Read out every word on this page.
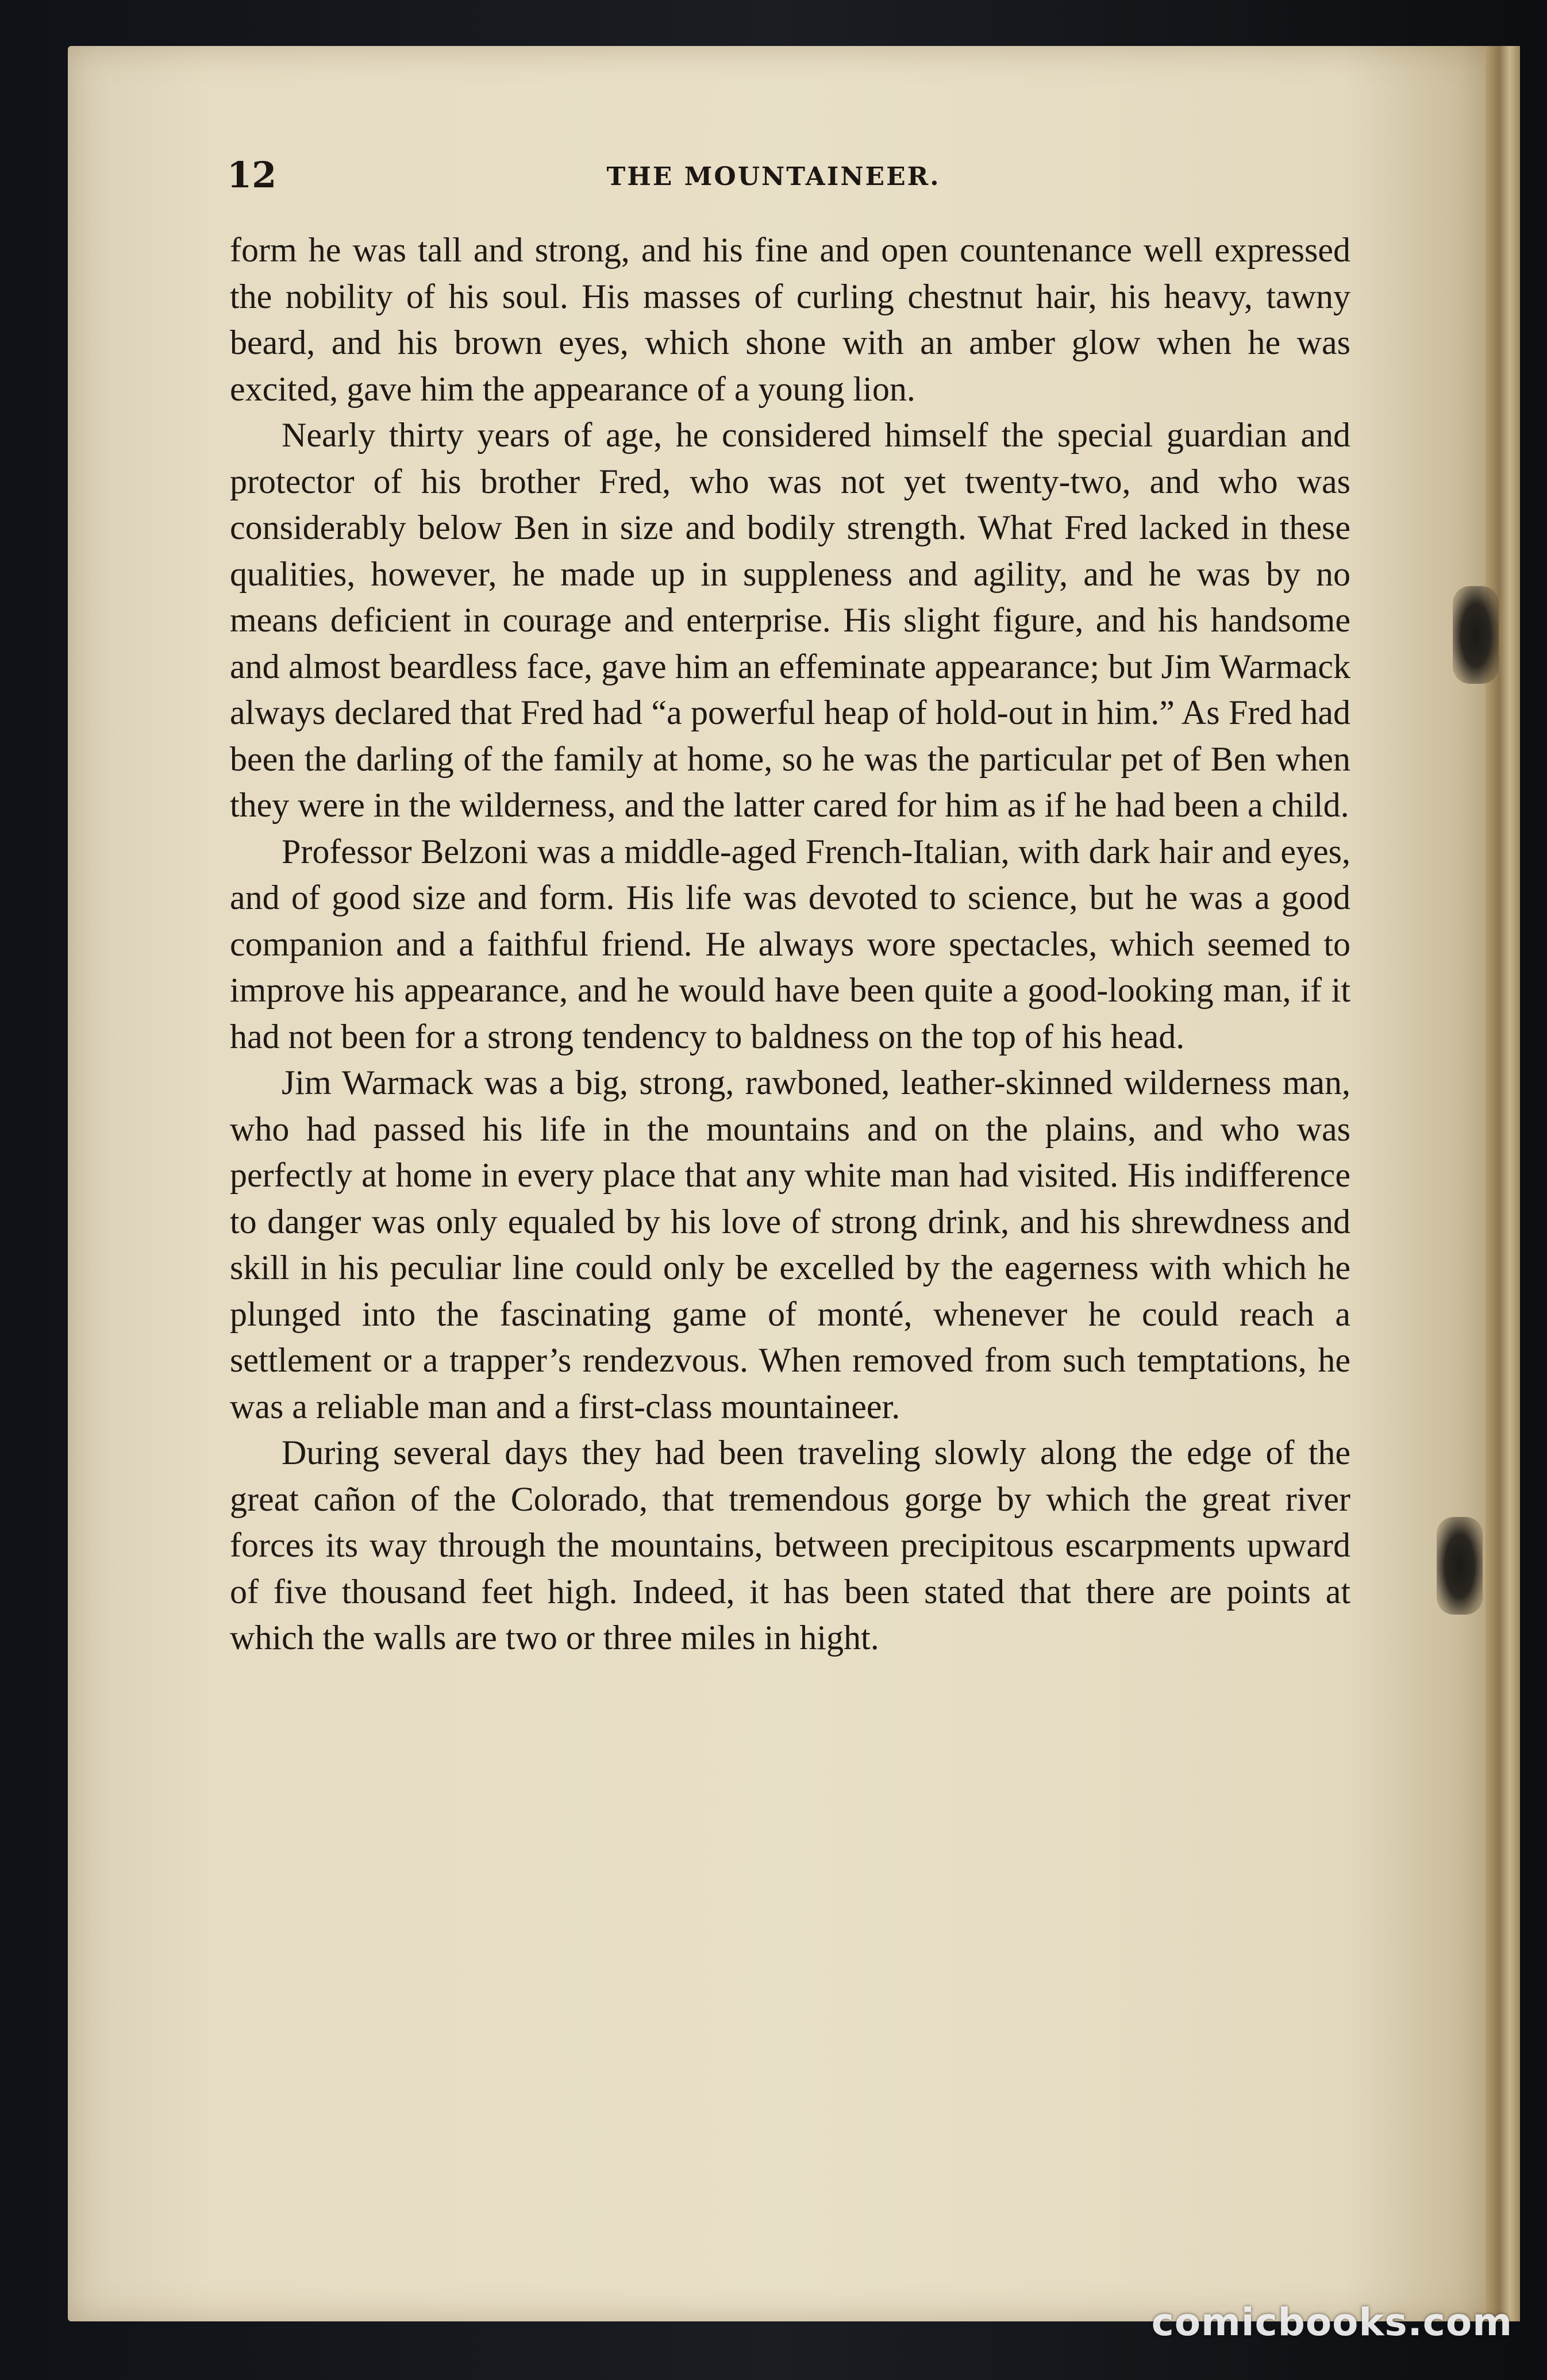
12	THE MOUNTAINEER.

form he was tall and strong, and his fine and open countenance well expressed the nobility of his soul. His masses of curling chestnut hair, his heavy, tawny beard, and his brown eyes, which shone with an amber glow when he was excited, gave him the appearance of a young lion.

Nearly thirty years of age, he considered himself the special guardian and protector of his brother Fred, who was not yet twenty-two, and who was considerably below Ben in size and bodily strength. What Fred lacked in these qualities, however, he made up in suppleness and agility, and he was by no means deficient in courage and enterprise. His slight figure, and his handsome and almost beardless face, gave him an effeminate appearance; but Jim Warmack always declared that Fred had “a powerful heap of hold-out in him.” As Fred had been the darling of the family at home, so he was the particular pet of Ben when they were in the wilderness, and the latter cared for him as if he had been a child.

Professor Belzoni was a middle-aged French-Italian, with dark hair and eyes, and of good size and form. His life was devoted to science, but he was a good companion and a faithful friend. He always wore spectacles, which seemed to improve his appearance, and he would have been quite a good-looking man, if it had not been for a strong tendency to baldness on the top of his head.

Jim Warmack was a big, strong, rawboned, leather-skinned wilderness man, who had passed his life in the mountains and on the plains, and who was perfectly at home in every place that any white man had visited. His indifference to danger was only equaled by his love of strong drink, and his shrewdness and skill in his peculiar line could only be excelled by the eagerness with which he plunged into the fascinating game of monté, whenever he could reach a settlement or a trapper’s rendezvous. When removed from such temptations, he was a reliable man and a first-class mountaineer.

During several days they had been traveling slowly along the edge of the great cañon of the Colorado, that tremendous gorge by which the great river forces its way through the mountains, between precipitous escarpments upward of five thousand feet high. Indeed, it has been stated that there are points at which the walls are two or three miles in hight.

comicbooks.com
